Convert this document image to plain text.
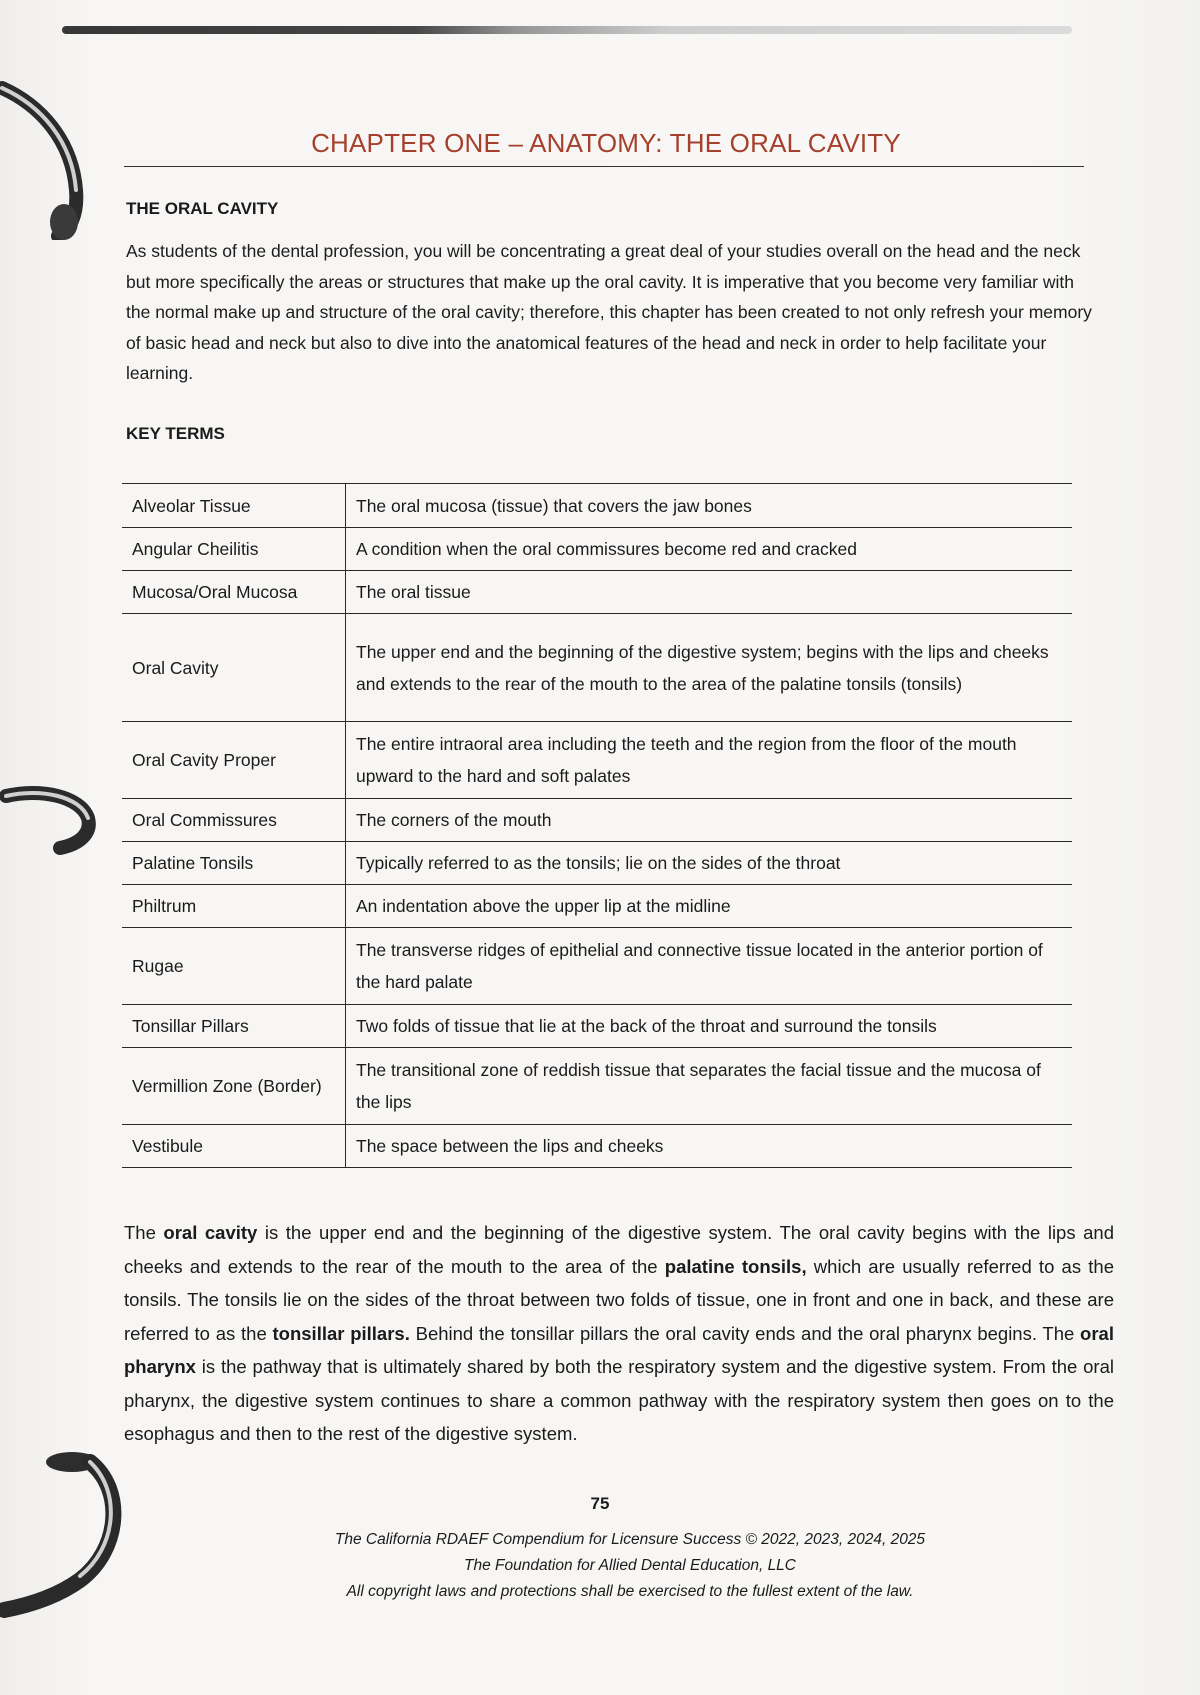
CHAPTER ONE – ANATOMY: THE ORAL CAVITY
THE ORAL CAVITY

As students of the dental profession, you will be concentrating a great deal of your studies overall on the head and the neck but more specifically the areas or structures that make up the oral cavity. It is imperative that you become very familiar with the normal make up and structure of the oral cavity; therefore, this chapter has been created to not only refresh your memory of basic head and neck but also to dive into the anatomical features of the head and neck in order to help facilitate your learning.

KEY TERMS
Alveolar Tissue	The oral mucosa (tissue) that covers the jaw bones
Angular Cheilitis	A condition when the oral commissures become red and cracked
Mucosa/Oral Mucosa	The oral tissue
Oral Cavity	The upper end and the beginning of the digestive system; begins with the lips and cheeks and extends to the rear of the mouth to the area of the palatine tonsils (tonsils)
Oral Cavity Proper	The entire intraoral area including the teeth and the region from the floor of the mouth upward to the hard and soft palates
Oral Commissures	The corners of the mouth
Palatine Tonsils	Typically referred to as the tonsils; lie on the sides of the throat
Philtrum	An indentation above the upper lip at the midline
Rugae	The transverse ridges of epithelial and connective tissue located in the anterior portion of the hard palate
Tonsillar Pillars	Two folds of tissue that lie at the back of the throat and surround the tonsils
Vermillion Zone (Border)	The transitional zone of reddish tissue that separates the facial tissue and the mucosa of the lips
Vestibule	The space between the lips and cheeks

The oral cavity is the upper end and the beginning of the digestive system. The oral cavity begins with the lips and cheeks and extends to the rear of the mouth to the area of the palatine tonsils, which are usually referred to as the tonsils. The tonsils lie on the sides of the throat between two folds of tissue, one in front and one in back, and these are referred to as the tonsillar pillars. Behind the tonsillar pillars the oral cavity ends and the oral pharynx begins. The oral pharynx is the pathway that is ultimately shared by both the respiratory system and the digestive system. From the oral pharynx, the digestive system continues to share a common pathway with the respiratory system then goes on to the esophagus and then to the rest of the digestive system.

75
The California RDAEF Compendium for Licensure Success © 2022, 2023, 2024, 2025
The Foundation for Allied Dental Education, LLC
All copyright laws and protections shall be exercised to the fullest extent of the law.
